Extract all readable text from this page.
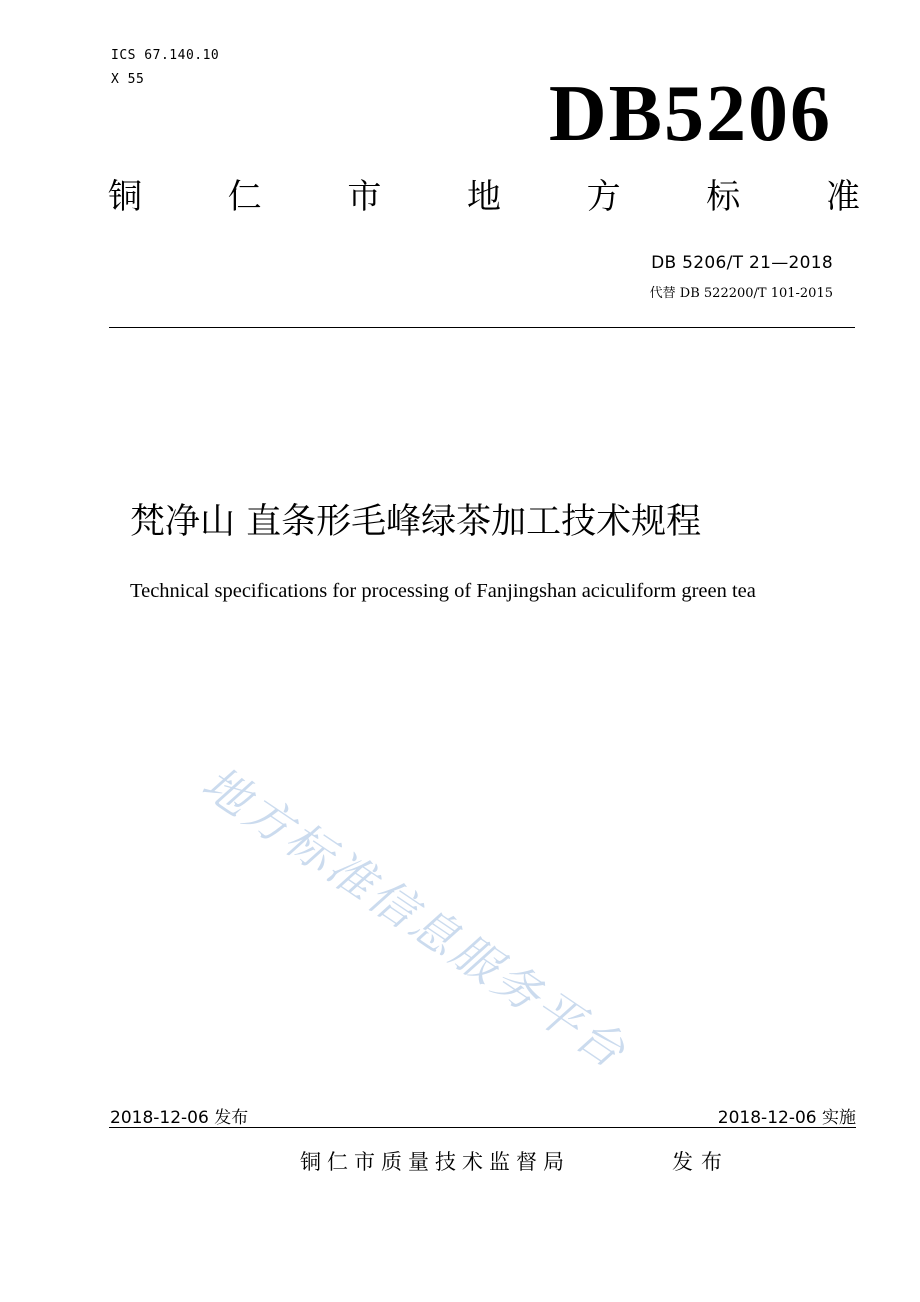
ICS 67.140.10
X 55	DB5206
铜	仁	市	地	方	标	准
DB 5206/T 21—2018
代替 DB 522200/T 101-2015
梵净山 直条形毛峰绿茶加工技术规程
Technical specifications for processing of Fanjingshan aciculiform green tea
地方标准信息服务平台
2018-12-06 发布	2018-12-06 实施
铜仁市质量技术监督局	发布
